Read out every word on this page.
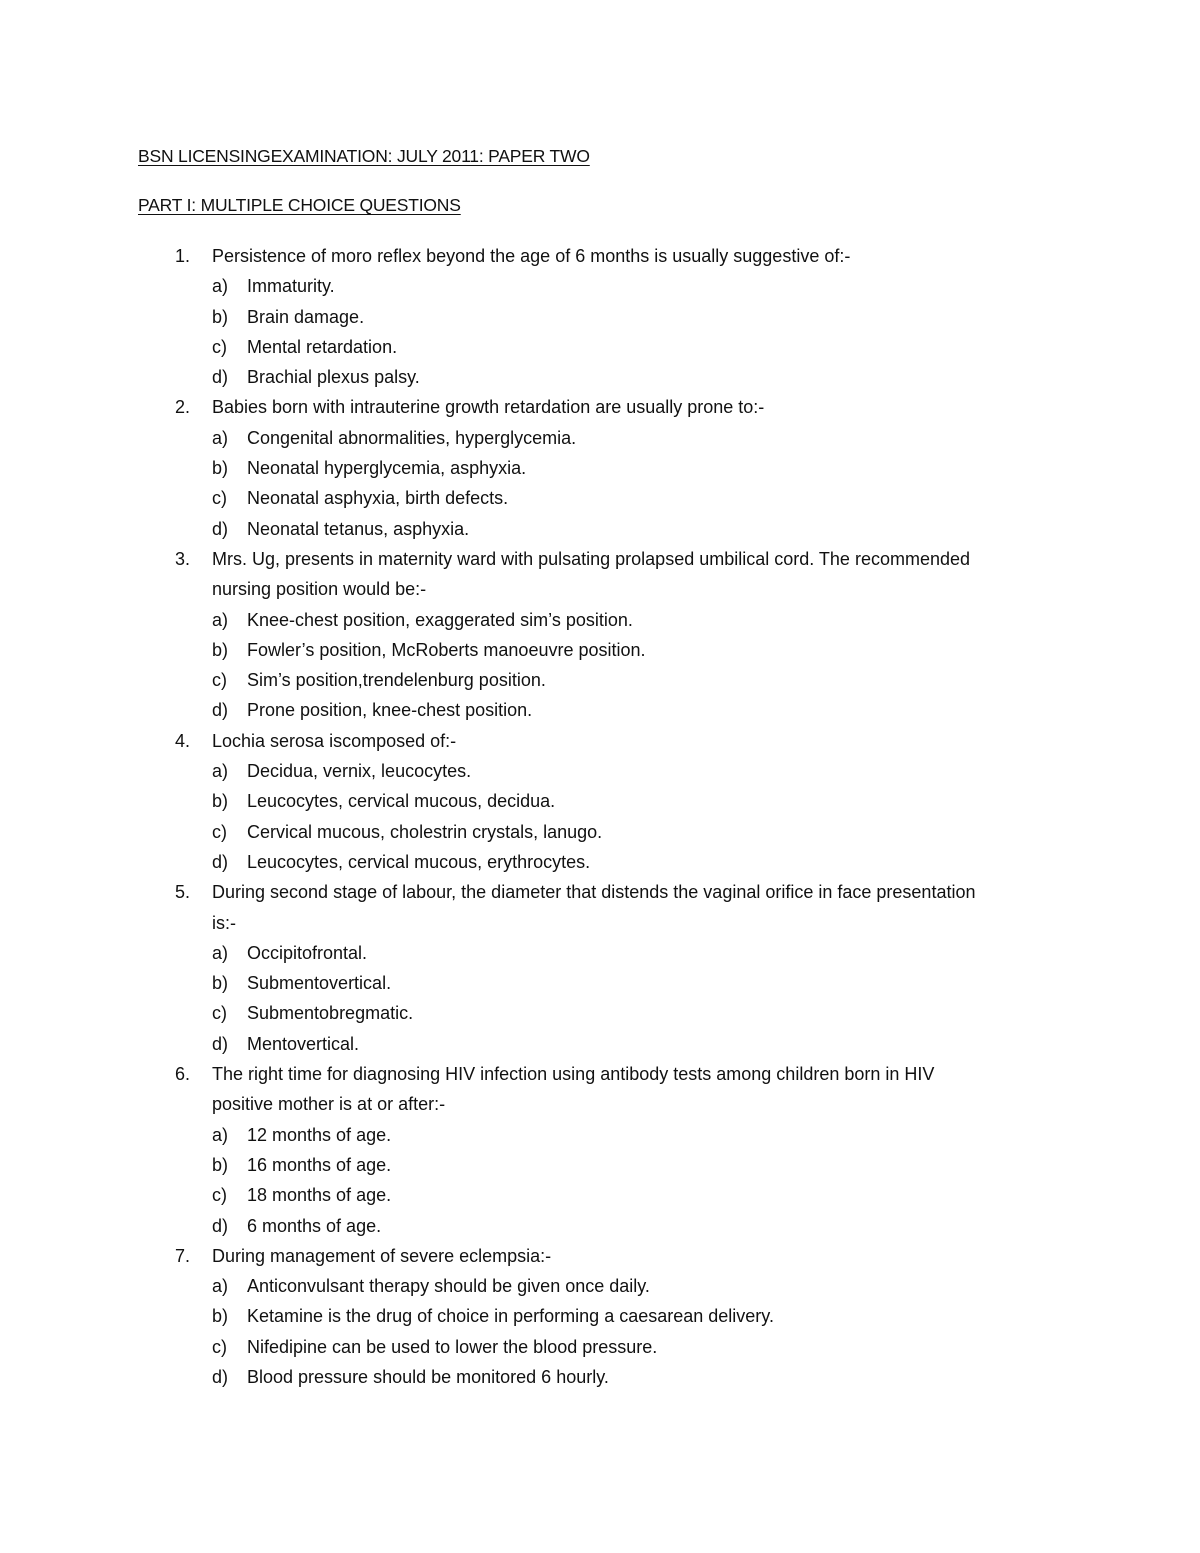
BSN LICENSINGEXAMINATION: JULY 2011: PAPER TWO
PART I: MULTIPLE CHOICE QUESTIONS
1. Persistence of moro reflex beyond the age of 6 months is usually suggestive of:-
a) Immaturity.
b) Brain damage.
c) Mental retardation.
d) Brachial plexus palsy.
2. Babies born with intrauterine growth retardation are usually prone to:-
a) Congenital abnormalities, hyperglycemia.
b) Neonatal hyperglycemia, asphyxia.
c) Neonatal asphyxia, birth defects.
d) Neonatal tetanus, asphyxia.
3. Mrs. Ug, presents in maternity ward with pulsating prolapsed umbilical cord. The recommended
nursing position would be:-
a) Knee-chest position, exaggerated sim’s position.
b) Fowler’s position, McRoberts manoeuvre position.
c) Sim’s position,trendelenburg position.
d) Prone position, knee-chest position.
4. Lochia serosa iscomposed of:-
a) Decidua, vernix, leucocytes.
b) Leucocytes, cervical mucous, decidua.
c) Cervical mucous, cholestrin crystals, lanugo.
d) Leucocytes, cervical mucous, erythrocytes.
5. During second stage of labour, the diameter that distends the vaginal orifice in face presentation
is:-
a) Occipitofrontal.
b) Submentovertical.
c) Submentobregmatic.
d) Mentovertical.
6. The right time for diagnosing HIV infection using antibody tests among children born in HIV
positive mother is at or after:-
a) 12 months of age.
b) 16 months of age.
c) 18 months of age.
d) 6 months of age.
7. During management of severe eclempsia:-
a) Anticonvulsant therapy should be given once daily.
b) Ketamine is the drug of choice in performing a caesarean delivery.
c) Nifedipine can be used to lower the blood pressure.
d) Blood pressure should be monitored 6 hourly.
